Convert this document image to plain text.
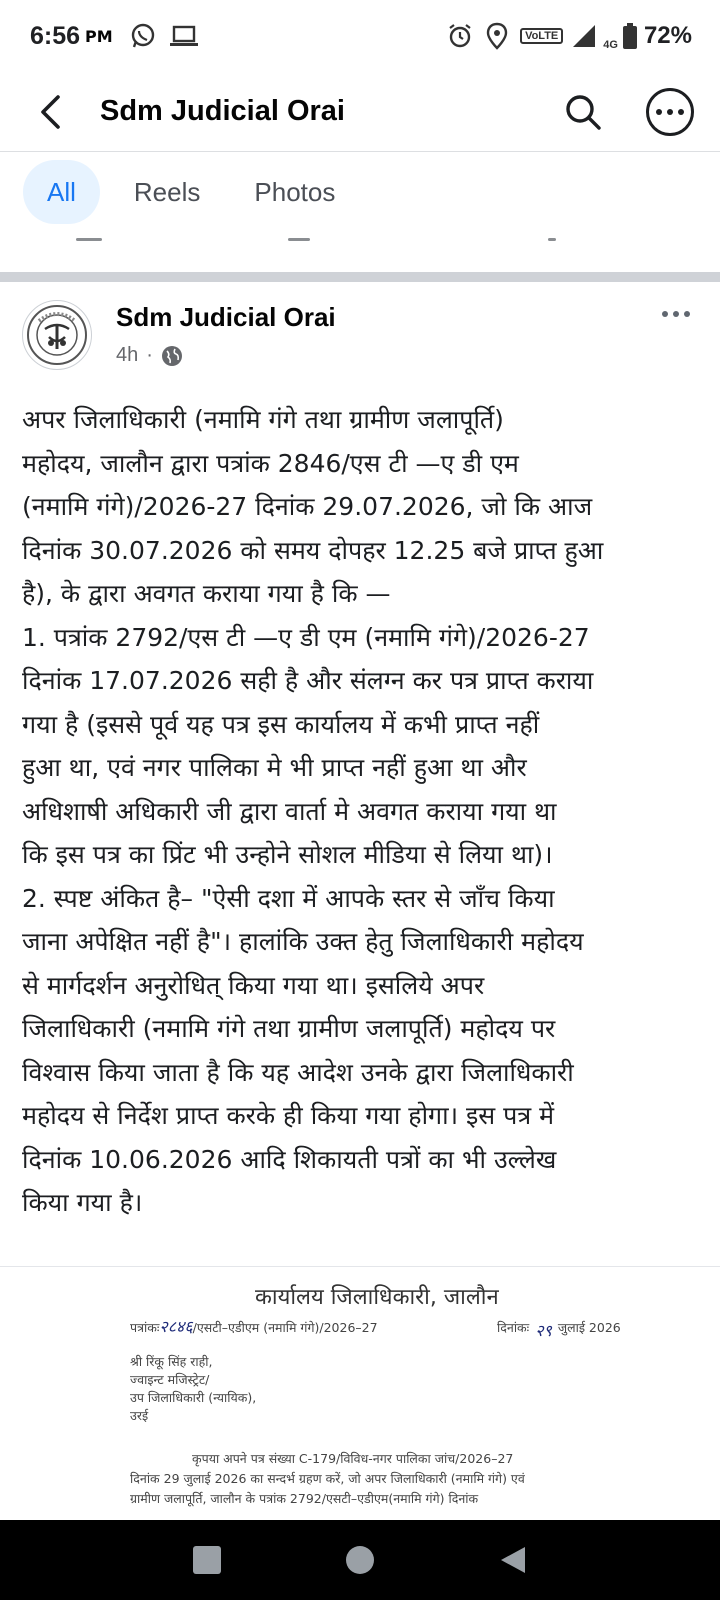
6:56 PM	VoLTE
4G 72%
Sdm Judicial Orai
All	Reels	Photos
Sdm Judicial Orai
4h ·
अपर जिलाधिकारी (नमामि गंगे तथा ग्रामीण जलापूर्ति)
महोदय, जालौन द्वारा पत्रांक 2846/एस टी —ए डी एम
(नमामि गंगे)/2026-27 दिनांक 29.07.2026, जो कि आज
दिनांक 30.07.2026 को समय दोपहर 12.25 बजे प्राप्त हुआ
है), के द्वारा अवगत कराया गया है कि —
1. पत्रांक 2792/एस टी —ए डी एम (नमामि गंगे)/2026-27
दिनांक 17.07.2026 सही है और संलग्न कर पत्र प्राप्त कराया
गया है (इससे पूर्व यह पत्र इस कार्यालय में कभी प्राप्त नहीं
हुआ था, एवं नगर पालिका मे भी प्राप्त नहीं हुआ था और
अधिशाषी अधिकारी जी द्वारा वार्ता मे अवगत कराया गया था
कि इस पत्र का प्रिंट भी उन्होने सोशल मीडिया से लिया था)।
2. स्पष्ट अंकित है– "ऐसी दशा में आपके स्तर से जाँच किया
जाना अपेक्षित नहीं है"। हालांकि उक्त हेतु जिलाधिकारी महोदय
से मार्गदर्शन अनुरोधित् किया गया था। इसलिये अपर
जिलाधिकारी (नमामि गंगे तथा ग्रामीण जलापूर्ति) महोदय पर
विश्वास किया जाता है कि यह आदेश उनके द्वारा जिलाधिकारी
महोदय से निर्देश प्राप्त करके ही किया गया होगा। इस पत्र में
दिनांक 10.06.2026 आदि शिकायती पत्रों का भी उल्लेख
किया गया है।
कार्यालय जिलाधिकारी, जालौन
पत्रांकः २८४६ /एसटी–एडीएम (नमामि गंगे)/2026–27	दिनांकः २९ जुलाई 2026
श्री रिंकू सिंह राही,
ज्वाइन्ट मजिस्ट्रेट/
उप जिलाधिकारी (न्यायिक),
उरई
कृपया अपने पत्र संख्या C-179/विविध-नगर पालिका जांच/2026–27
दिनांक 29 जुलाई 2026 का सन्दर्भ ग्रहण करें, जो अपर जिलाधिकारी (नमामि गंगे) एवं
ग्रामीण जलापूर्ति, जालौन के पत्रांक 2792/एसटी–एडीएम(नमामि गंगे) दिनांक
